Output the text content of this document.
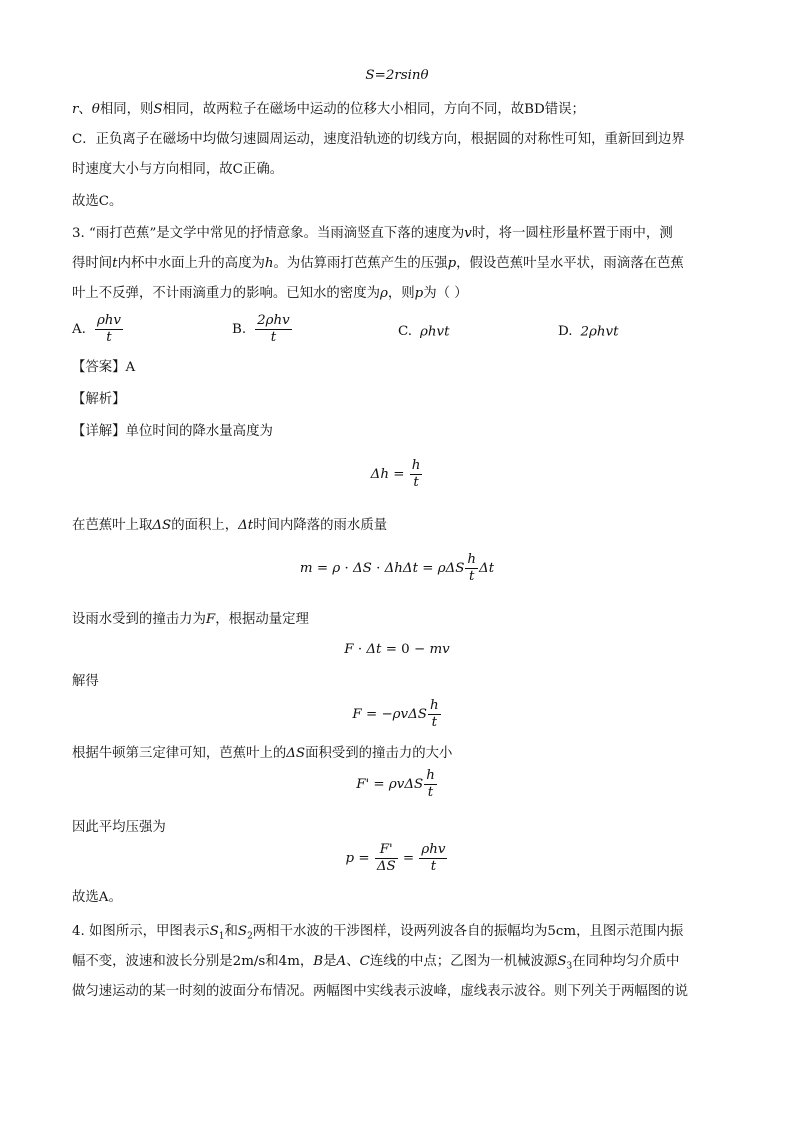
S=2rsinθ
r、θ相同，则S相同，故两粒子在磁场中运动的位移大小相同，方向不同，故BD错误；
C．正负离子在磁场中均做匀速圆周运动，速度沿轨迹的切线方向，根据圆的对称性可知，重新回到边界
时速度大小与方向相同，故C正确。
故选C。
3. “雨打芭蕉”是文学中常见的抒情意象。当雨滴竖直下落的速度为v时，将一圆柱形量杯置于雨中，测
得时间t内杯中水面上升的高度为h。为估算雨打芭蕉产生的压强p，假设芭蕉叶呈水平状，雨滴落在芭蕉
叶上不反弹，不计雨滴重力的影响。已知水的密度为ρ，则p为（ ）
A. $\frac{\text{ρhv}}{t}$	B. $\frac{\text{2ρhv}}{t}$	C. ρhvt	D. 2ρhvt
【答案】A
【解析】
【详解】单位时间的降水量高度为
$\Delta h = \frac{h}{t}$
在芭蕉叶上取ΔS的面积上，Δt时间内降落的雨水质量
m = ρ · ΔS · ΔhΔt = ρΔS $\frac{h}{t}$ Δt
设雨水受到的撞击力为F，根据动量定理
F · Δt = 0 − mv
解得
$F = -\rho v\Delta S \frac{h}{t}$
根据牛顿第三定律可知，芭蕉叶上的ΔS面积受到的撞击力的大小
F' = ρvΔS $\frac{h}{t}$
因此平均压强为
$p = \frac{F'}{\Delta S} = \frac{\text{ρhv}}{t}$
故选A。
4. 如图所示，甲图表示$S_1$和$S_2$两相干水波的干涉图样，设两列波各自的振幅均为5cm，且图示范围内振
幅不变，波速和波长分别是2m/s和4m，B是A、C连线的中点；乙图为一机械波源$S_3$在同种均匀介质中
做匀速运动的某一时刻的波面分布情况。两幅图中实线表示波峰，虚线表示波谷。则下列关于两幅图的说
